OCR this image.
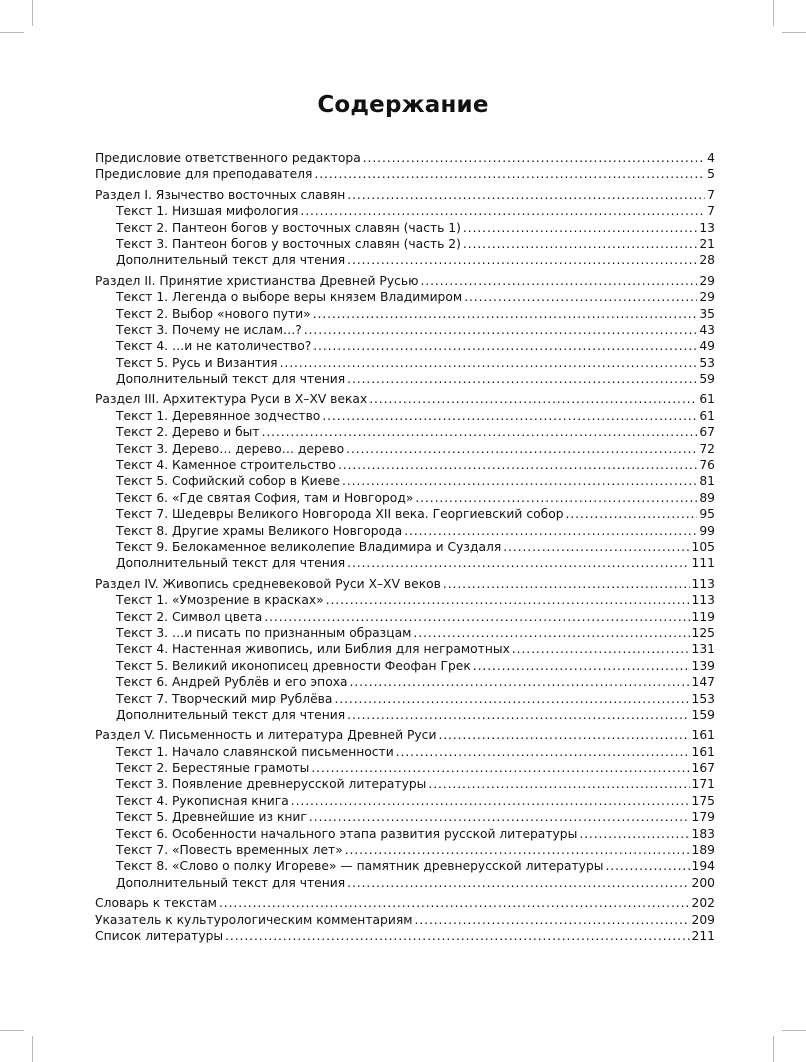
Содержание
Предисловие ответственного редактора .....	4
Предисловие для преподавателя .....	5
Раздел I. Язычество восточных славян .....	7
Текст 1. Низшая мифология .....	7
Текст 2. Пантеон богов у восточных славян (часть 1) .....	13
Текст 3. Пантеон богов у восточных славян (часть 2) .....	21
Дополнительный текст для чтения .....	28
Раздел II. Принятие христианства Древней Русью .....	29
Текст 1. Легенда о выборе веры князем Владимиром .....	29
Текст 2. Выбор «нового пути» .....	35
Текст 3. Почему не ислам…? .....	43
Текст 4. …и не католичество? .....	49
Текст 5. Русь и Византия .....	53
Дополнительный текст для чтения .....	59
Раздел III. Архитектура Руси в X–XV веках .....	61
Текст 1. Деревянное зодчество .....	61
Текст 2. Дерево и быт .....	67
Текст 3. Дерево… дерево… дерево .....	72
Текст 4. Каменное строительство .....	76
Текст 5. Софийский собор в Киеве .....	81
Текст 6. «Где святая София, там и Новгород» .....	89
Текст 7. Шедевры Великого Новгорода XII века. Георгиевский собор .....	95
Текст 8. Другие храмы Великого Новгорода .....	99
Текст 9. Белокаменное великолепие Владимира и Суздаля .....	105
Дополнительный текст для чтения .....	111
Раздел IV. Живопись средневековой Руси X–XV веков .....	113
Текст 1. «Умозрение в красках» .....	113
Текст 2. Символ цвета .....	119
Текст 3. …и писать по признанным образцам .....	125
Текст 4. Настенная живопись, или Библия для неграмотных .....	131
Текст 5. Великий иконописец древности Феофан Грек .....	139
Текст 6. Андрей Рублёв и его эпоха .....	147
Текст 7. Творческий мир Рублёва .....	153
Дополнительный текст для чтения .....	159
Раздел V. Письменность и литература Древней Руси .....	161
Текст 1. Начало славянской письменности .....	161
Текст 2. Берестяные грамоты .....	167
Текст 3. Появление древнерусской литературы .....	171
Текст 4. Рукописная книга .....	175
Текст 5. Древнейшие из книг .....	179
Текст 6. Особенности начального этапа развития русской литературы .....	183
Текст 7. «Повесть временных лет» .....	189
Текст 8. «Слово о полку Игореве» — памятник древнерусской литературы .....	194
Дополнительный текст для чтения .....	200
Словарь к текстам .....	202
Указатель к культурологическим комментариям .....	209
Список литературы .....	211
